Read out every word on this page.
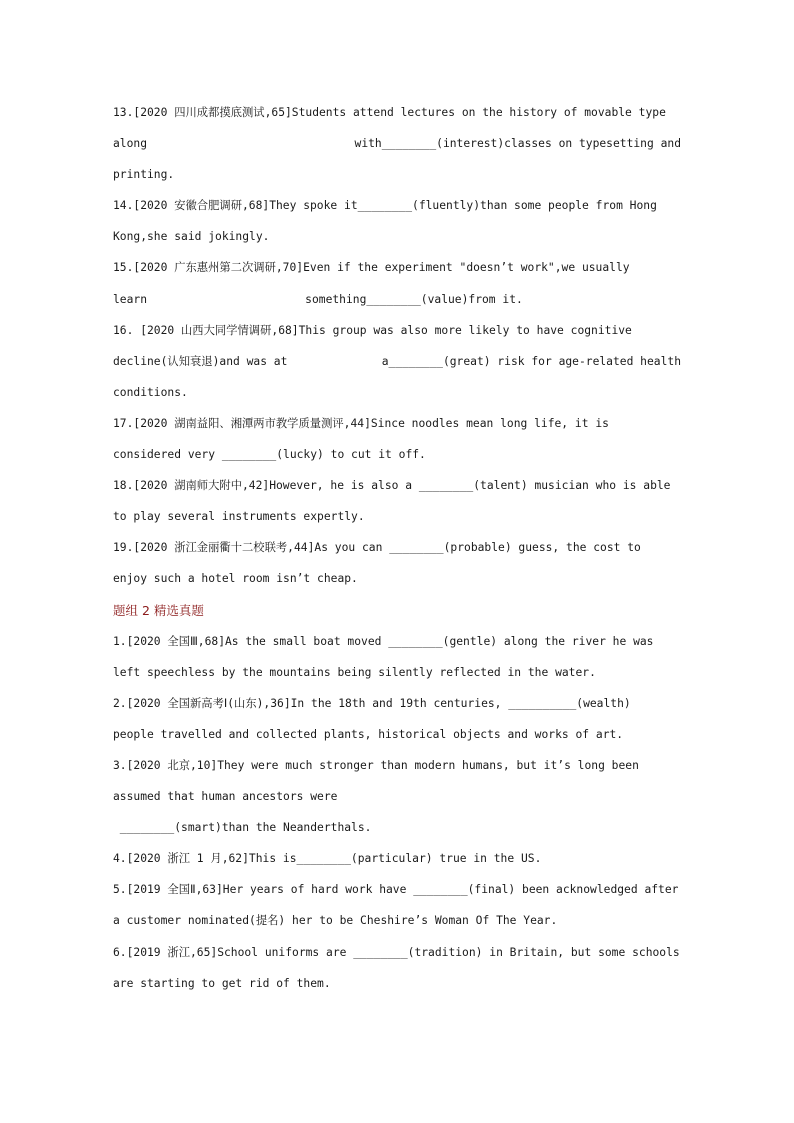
13.[2020 四川成都摸底测试,65]Students attend lectures on the history of movable type
along	with________(interest)classes on typesetting and
printing.
14.[2020 安徽合肥调研,68]They spoke it________(fluently)than some people from Hong
Kong,she said jokingly.
15.[2020 广东惠州第二次调研,70]Even if the experiment "doesn’t work",we usually
learn	something________(value)from it.
16. [2020 山西大同学情调研,68]This group was also more likely to have cognitive
decline(认知衰退)and was at	a________(great) risk for age-related health
conditions.
17.[2020 湖南益阳、湘潭两市教学质量测评,44]Since noodles mean long life, it is
considered very ________(lucky) to cut it off.
18.[2020 湖南师大附中,42]However, he is also a ________(talent) musician who is able
to play several instruments expertly.
19.[2020 浙江金丽衢十二校联考,44]As you can ________(probable) guess, the cost to
enjoy such a hotel room isn’t cheap.
题组 2 精选真题
1.[2020 全国Ⅲ,68]As the small boat moved ________(gentle) along the river he was
left speechless by the mountains being silently reflected in the water.
2.[2020 全国新高考Ⅰ(山东),36]In the 18th and 19th centuries, __________(wealth)
people travelled and collected plants, historical objects and works of art.
3.[2020 北京,10]They were much stronger than modern humans, but it’s long been
assumed that human ancestors were
________(smart)than the Neanderthals.
4.[2020 浙江 1 月,62]This is________(particular) true in the US.
5.[2019 全国Ⅱ,63]Her years of hard work have ________(final) been acknowledged after
a customer nominated(提名) her to be Cheshire’s Woman Of The Year.
6.[2019 浙江,65]School uniforms are ________(tradition) in Britain, but some schools
are starting to get rid of them.
